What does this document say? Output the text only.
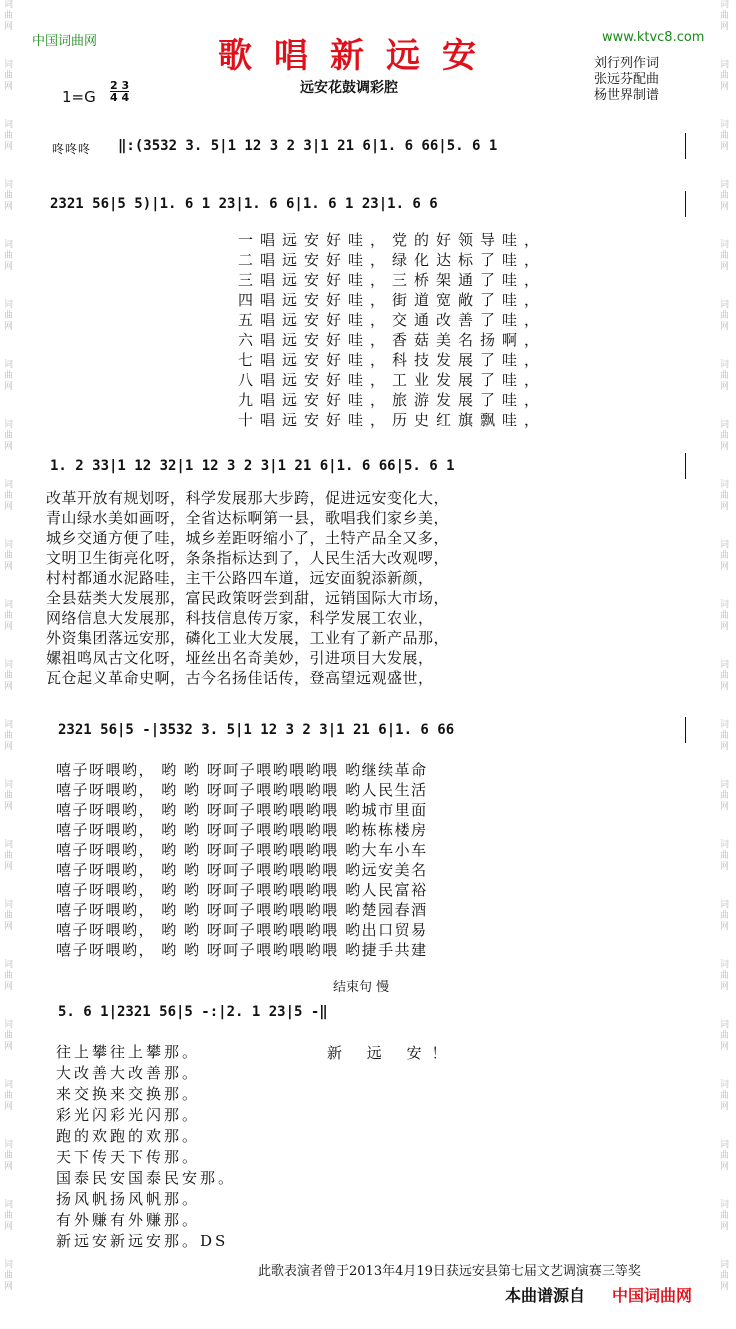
词
曲
网
词
曲
网
词
曲
网
词
曲
网
词
曲
网
词
曲
网
词
曲
网
词
曲
网
词
曲
网
词
曲
网
词
曲
网
词
曲
网
词
曲
网
词
曲
网
词
曲
网
词
曲
网
词
曲
网
词
曲
网
词
曲
网
词
曲
网
词
曲
网
词
曲
网
词
曲
网
词
曲
网
词
曲
网
词
曲
网
词
曲
网
词
曲
网
词
曲
网
词
曲
网
词
曲
网
词
曲
网
词
曲
网
词
曲
网
词
曲
网
词
曲
网
词
曲
网
词
曲
网
词
曲
网
词
曲
网
词
曲
网
词
曲
网
词
曲
网
词
曲
网
中国词曲网	www.ktvc8.com
歌唱新远安
远安花鼓调彩腔
刘行列作词
张远芬配曲
杨世界制谱
1=G
2 3
4 4
咚咚咚 ‖:(3532 3. 5|1 12 3 2 3|1 21 6|1. 6 66|5. 6 1
2321 56|5 5)|1. 6 1 23|1. 6 6|1. 6 1 23|1. 6 6
一唱远安好哇，党的好领导哇，
二唱远安好哇，绿化达标了哇，
三唱远安好哇，三桥架通了哇，
四唱远安好哇，街道宽敞了哇，
五唱远安好哇，交通改善了哇，
六唱远安好哇，香菇美名扬啊，
七唱远安好哇，科技发展了哇，
八唱远安好哇，工业发展了哇，
九唱远安好哇，旅游发展了哇，
十唱远安好哇，历史红旗飘哇，
1. 2 33|1 12 32|1 12 3 2 3|1 21 6|1. 6 66|5. 6 1
改革开放有规划呀，科学发展那大步跨，促进远安变化大，
青山绿水美如画呀，全省达标啊第一县，歌唱我们家乡美，
城乡交通方便了哇，城乡差距呀缩小了，土特产品全又多，
文明卫生街亮化呀，条条指标达到了，人民生活大改观啰，
村村都通水泥路哇，主干公路四车道，远安面貌添新颜，
全县菇类大发展那，富民政策呀尝到甜，远销国际大市场，
网络信息大发展那，科技信息传万家，科学发展工农业，
外资集团落远安那，磷化工业大发展，工业有了新产品那，
嫘祖鸣凤古文化呀，垭丝出名奇美妙，引进项目大发展，
瓦仓起义革命史啊，古今名扬佳话传，登高望远观盛世，
2321 56|5 -|3532 3. 5|1 12 3 2 3|1 21 6|1. 6 66
嘻子呀喂哟， 哟 哟 呀呵子喂哟喂哟喂 哟继续革命
嘻子呀喂哟， 哟 哟 呀呵子喂哟喂哟喂 哟人民生活
嘻子呀喂哟， 哟 哟 呀呵子喂哟喂哟喂 哟城市里面
嘻子呀喂哟， 哟 哟 呀呵子喂哟喂哟喂 哟栋栋楼房
嘻子呀喂哟， 哟 哟 呀呵子喂哟喂哟喂 哟大车小车
嘻子呀喂哟， 哟 哟 呀呵子喂哟喂哟喂 哟远安美名
嘻子呀喂哟， 哟 哟 呀呵子喂哟喂哟喂 哟人民富裕
嘻子呀喂哟， 哟 哟 呀呵子喂哟喂哟喂 哟楚园春酒
嘻子呀喂哟， 哟 哟 呀呵子喂哟喂哟喂 哟出口贸易
嘻子呀喂哟， 哟 哟 呀呵子喂哟喂哟喂 哟捷手共建
结束句 慢
5. 6 1|2321 56|5 -:|2. 1 23|5 -‖
新 远 安！
往上攀往上攀那。
大改善大改善那。
来交换来交换那。
彩光闪彩光闪那。
跑的欢跑的欢那。
天下传天下传那。
国泰民安国泰民安那。
扬风帆扬风帆那。
有外赚有外赚那。
新远安新远安那。DS
此歌表演者曾于2013年4月19日获远安县第七届文艺调演赛三等奖
本曲谱源自 中国词曲网
